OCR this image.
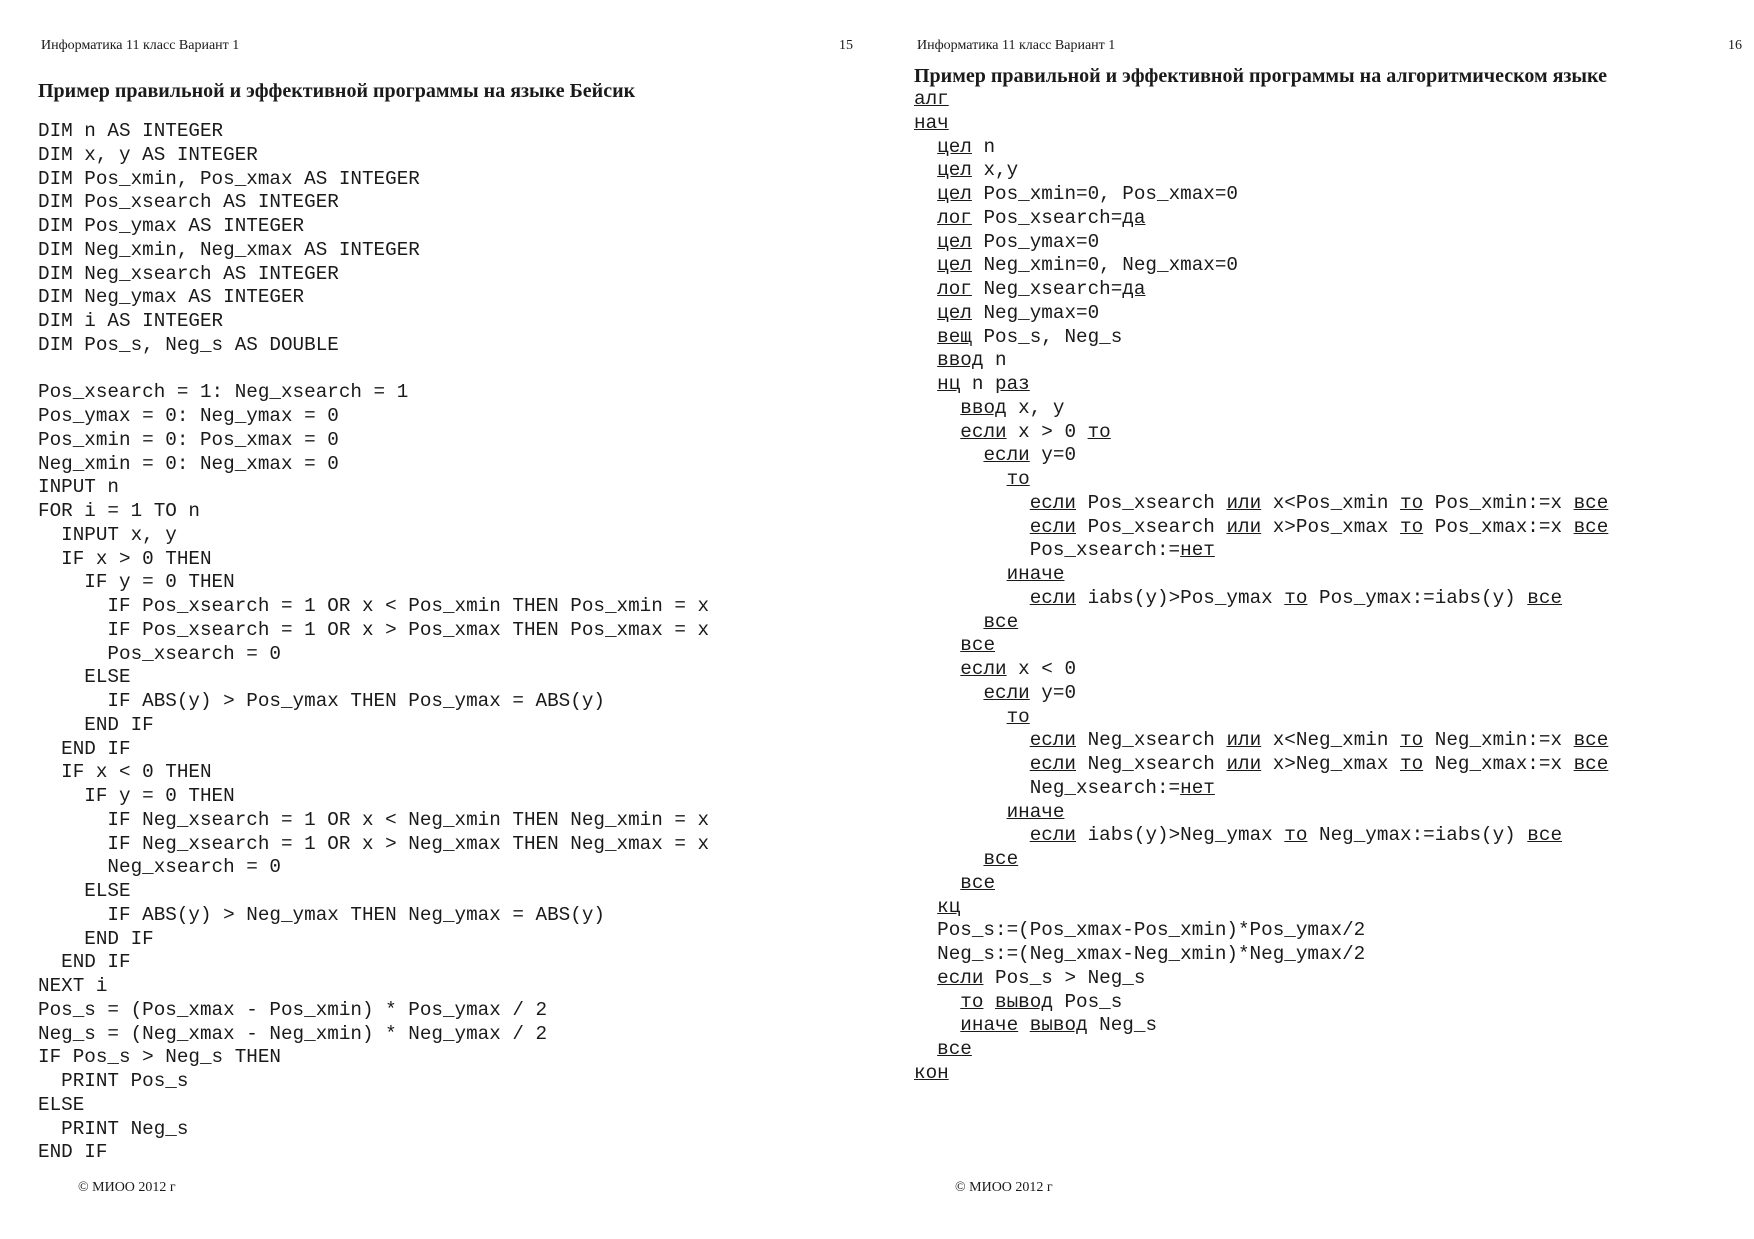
Информатика 11 класс Вариант 1	15
Пример правильной и эффективной программы на языке Бейсик
DIM n AS INTEGER
DIM x, y AS INTEGER
DIM Pos_xmin, Pos_xmax AS INTEGER
DIM Pos_xsearch AS INTEGER
DIM Pos_ymax AS INTEGER
DIM Neg_xmin, Neg_xmax AS INTEGER
DIM Neg_xsearch AS INTEGER
DIM Neg_ymax AS INTEGER
DIM i AS INTEGER
DIM Pos_s, Neg_s AS DOUBLE

Pos_xsearch = 1: Neg_xsearch = 1
Pos_ymax = 0: Neg_ymax = 0
Pos_xmin = 0: Pos_xmax = 0
Neg_xmin = 0: Neg_xmax = 0
INPUT n
FOR i = 1 TO n
INPUT x, y
IF x > 0 THEN
IF y = 0 THEN
IF Pos_xsearch = 1 OR x < Pos_xmin THEN Pos_xmin = x
IF Pos_xsearch = 1 OR x > Pos_xmax THEN Pos_xmax = x
Pos_xsearch = 0
ELSE
IF ABS(y) > Pos_ymax THEN Pos_ymax = ABS(y)
END IF
END IF
IF x < 0 THEN
IF y = 0 THEN
IF Neg_xsearch = 1 OR x < Neg_xmin THEN Neg_xmin = x
IF Neg_xsearch = 1 OR x > Neg_xmax THEN Neg_xmax = x
Neg_xsearch = 0
ELSE
IF ABS(y) > Neg_ymax THEN Neg_ymax = ABS(y)
END IF
END IF
NEXT i
Pos_s = (Pos_xmax - Pos_xmin) * Pos_ymax / 2
Neg_s = (Neg_xmax - Neg_xmin) * Neg_ymax / 2
IF Pos_s > Neg_s THEN
PRINT Pos_s
ELSE
PRINT Neg_s
END IF
© МИОО 2012 г
Информатика 11 класс Вариант 1	16
Пример правильной и эффективной программы на алгоритмическом языке
алг
нач
цел n
цел x,y
цел Pos_xmin=0, Pos_xmax=0
лог Pos_xsearch=да
цел Pos_ymax=0
цел Neg_xmin=0, Neg_xmax=0
лог Neg_xsearch=да
цел Neg_ymax=0
вещ Pos_s, Neg_s
ввод n
нц n раз
ввод x, y
если x > 0 то
если y=0
то
если Pos_xsearch или x<Pos_xmin то Pos_xmin:=x все
если Pos_xsearch или x>Pos_xmax то Pos_xmax:=x все
Pos_xsearch:=нет
иначе
если iabs(y)>Pos_ymax то Pos_ymax:=iabs(y) все
все
все
если x < 0
если y=0
то
если Neg_xsearch или x<Neg_xmin то Neg_xmin:=x все
если Neg_xsearch или x>Neg_xmax то Neg_xmax:=x все
Neg_xsearch:=нет
иначе
если iabs(y)>Neg_ymax то Neg_ymax:=iabs(y) все
все
все
кц
Pos_s:=(Pos_xmax-Pos_xmin)*Pos_ymax/2
Neg_s:=(Neg_xmax-Neg_xmin)*Neg_ymax/2
если Pos_s > Neg_s
то вывод Pos_s
иначе вывод Neg_s
все
кон
© МИОО 2012 г
